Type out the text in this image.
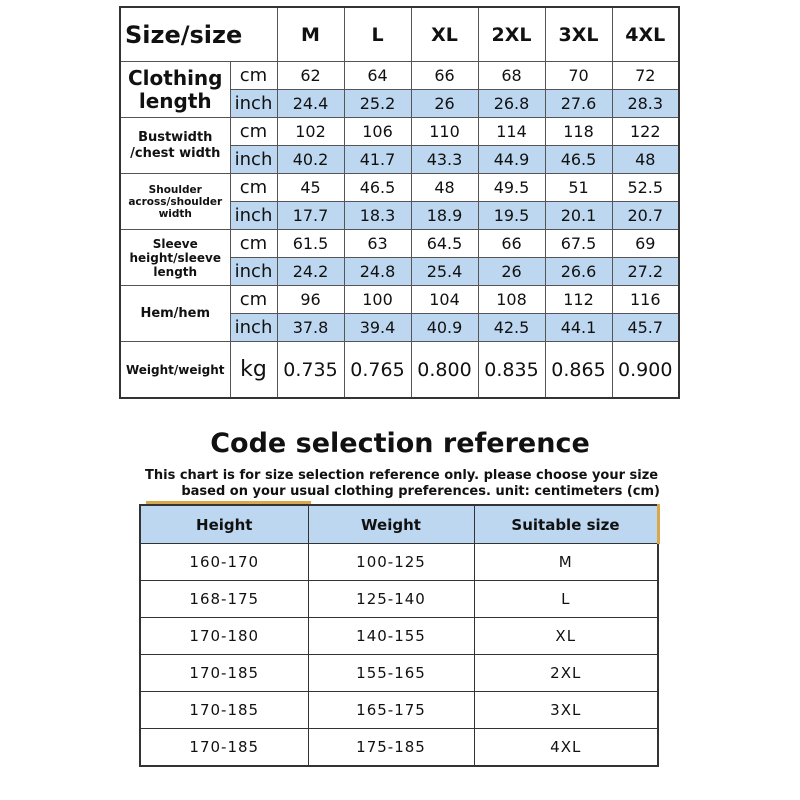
Size/size		M	L	XL	2XL	3XL	4XL
Clothing length	cm	62	64	66	68	70	72
	inch	24.4	25.2	26	26.8	27.6	28.3
Bustwidth /chest width	cm	102	106	110	114	118	122
	inch	40.2	41.7	43.3	44.9	46.5	48
Shoulder across/shoulder width	cm	45	46.5	48	49.5	51	52.5
	inch	17.7	18.3	18.9	19.5	20.1	20.7
Sleeve height/sleeve length	cm	61.5	63	64.5	66	67.5	69
	inch	24.2	24.8	25.4	26	26.6	27.2
Hem/hem	cm	96	100	104	108	112	116
	inch	37.8	39.4	40.9	42.5	44.1	45.7
Weight/weight	kg	0.735	0.765	0.800	0.835	0.865	0.900
Code selection reference
This chart is for size selection reference only. please choose your size
based on your usual clothing preferences. unit: centimeters (cm)
Height	Weight	Suitable size
160-170	100-125	M
168-175	125-140	L
170-180	140-155	XL
170-185	155-165	2XL
170-185	165-175	3XL
170-185	175-185	4XL
